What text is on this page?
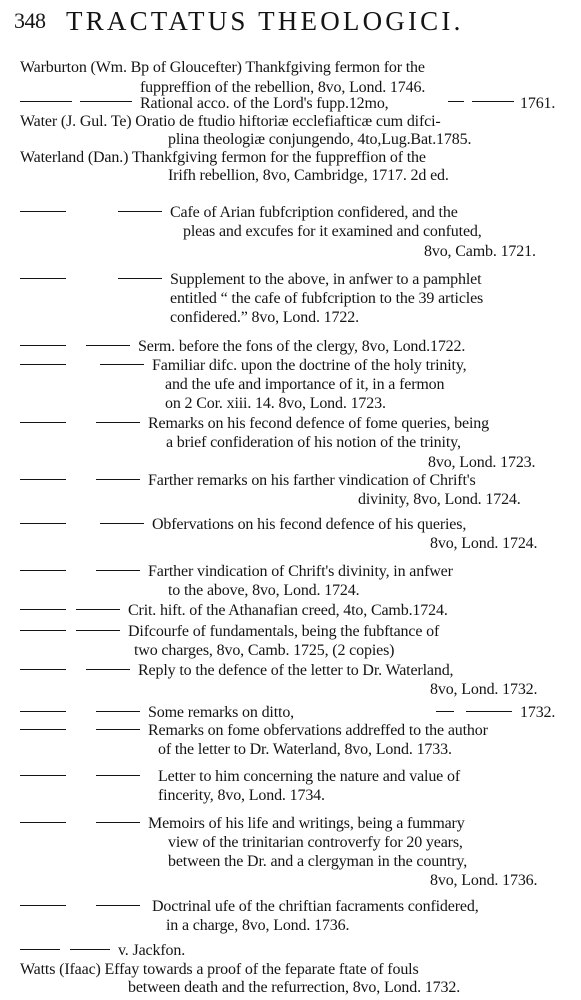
348 TRACTATUS THEOLOGICI.
Warburton (Wm. Bp of Gloucefter) Thankfgiving fermon for the
fuppreffion of the rebellion, 8vo, Lond. 1746.
Rational acco. of the Lord's fupp.12mo,	1761.
Water (J. Gul. Te) Oratio de ftudio hiftoriæ ecclefiafticæ cum difci-
plina theologiæ conjungendo, 4to,Lug.Bat.1785.
Waterland (Dan.) Thankfgiving fermon for the fuppreffion of the
Irifh rebellion, 8vo, Cambridge, 1717. 2d ed.
Cafe of Arian fubfcription confidered, and the
pleas and excufes for it examined and confuted,
8vo, Camb. 1721.
Supplement to the above, in anfwer to a pamphlet
entitled “ the cafe of fubfcription to the 39 articles
confidered.” 8vo, Lond. 1722.
Serm. before the fons of the clergy, 8vo, Lond.1722.
Familiar difc. upon the doctrine of the holy trinity,
and the ufe and importance of it, in a fermon
on 2 Cor. xiii. 14. 8vo, Lond. 1723.
Remarks on his fecond defence of fome queries, being
a brief confideration of his notion of the trinity,
8vo, Lond. 1723.
Farther remarks on his farther vindication of Chrift's
divinity, 8vo, Lond. 1724.
Obfervations on his fecond defence of his queries,
8vo, Lond. 1724.
Farther vindication of Chrift's divinity, in anfwer
to the above, 8vo, Lond. 1724.
Crit. hift. of the Athanafian creed, 4to, Camb.1724.
Difcourfe of fundamentals, being the fubftance of
two charges, 8vo, Camb. 1725, (2 copies)
Reply to the defence of the letter to Dr. Waterland,
8vo, Lond. 1732.
Some remarks on ditto,	1732.
Remarks on fome obfervations addreffed to the author
of the letter to Dr. Waterland, 8vo, Lond. 1733.
Letter to him concerning the nature and value of
fincerity, 8vo, Lond. 1734.
Memoirs of his life and writings, being a fummary
view of the trinitarian controverfy for 20 years,
between the Dr. and a clergyman in the country,
8vo, Lond. 1736.
Doctrinal ufe of the chriftian facraments confidered,
in a charge, 8vo, Lond. 1736.
v. Jackfon.
Watts (Ifaac) Effay towards a proof of the feparate ftate of fouls
between death and the refurrection, 8vo, Lond. 1732.
